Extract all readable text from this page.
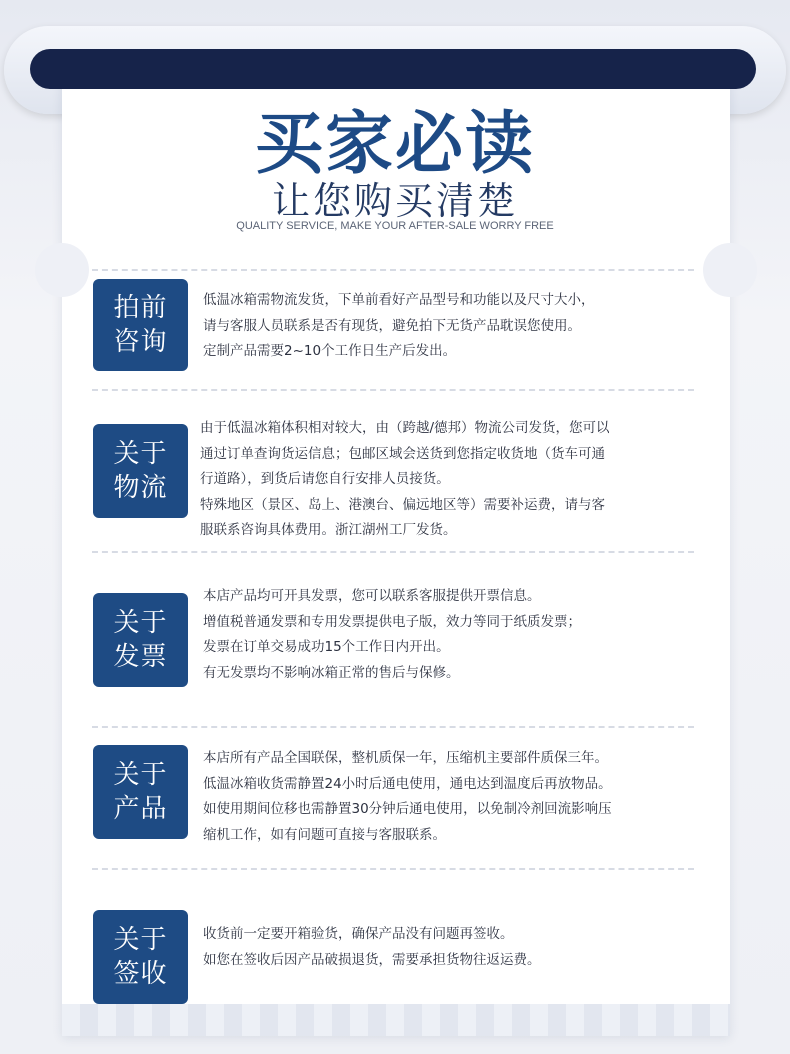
买家必读
让您购买清楚
QUALITY SERVICE, MAKE YOUR AFTER-SALE WORRY FREE
拍前
咨询
低温冰箱需物流发货，下单前看好产品型号和功能以及尺寸大小，
请与客服人员联系是否有现货，避免拍下无货产品耽误您使用。
定制产品需要2~10个工作日生产后发出。
关于
物流
由于低温冰箱体积相对较大，由（跨越/德邦）物流公司发货，您可以
通过订单查询货运信息；包邮区域会送货到您指定收货地（货车可通
行道路），到货后请您自行安排人员接货。
特殊地区（景区、岛上、港澳台、偏远地区等）需要补运费，请与客
服联系咨询具体费用。浙江湖州工厂发货。
关于
发票
本店产品均可开具发票，您可以联系客服提供开票信息。
增值税普通发票和专用发票提供电子版，效力等同于纸质发票；
发票在订单交易成功15个工作日内开出。
有无发票均不影响冰箱正常的售后与保修。
关于
产品
本店所有产品全国联保，整机质保一年，压缩机主要部件质保三年。
低温冰箱收货需静置24小时后通电使用，通电达到温度后再放物品。
如使用期间位移也需静置30分钟后通电使用，以免制冷剂回流影响压
缩机工作，如有问题可直接与客服联系。
关于
签收
收货前一定要开箱验货，确保产品没有问题再签收。
如您在签收后因产品破损退货，需要承担货物往返运费。
